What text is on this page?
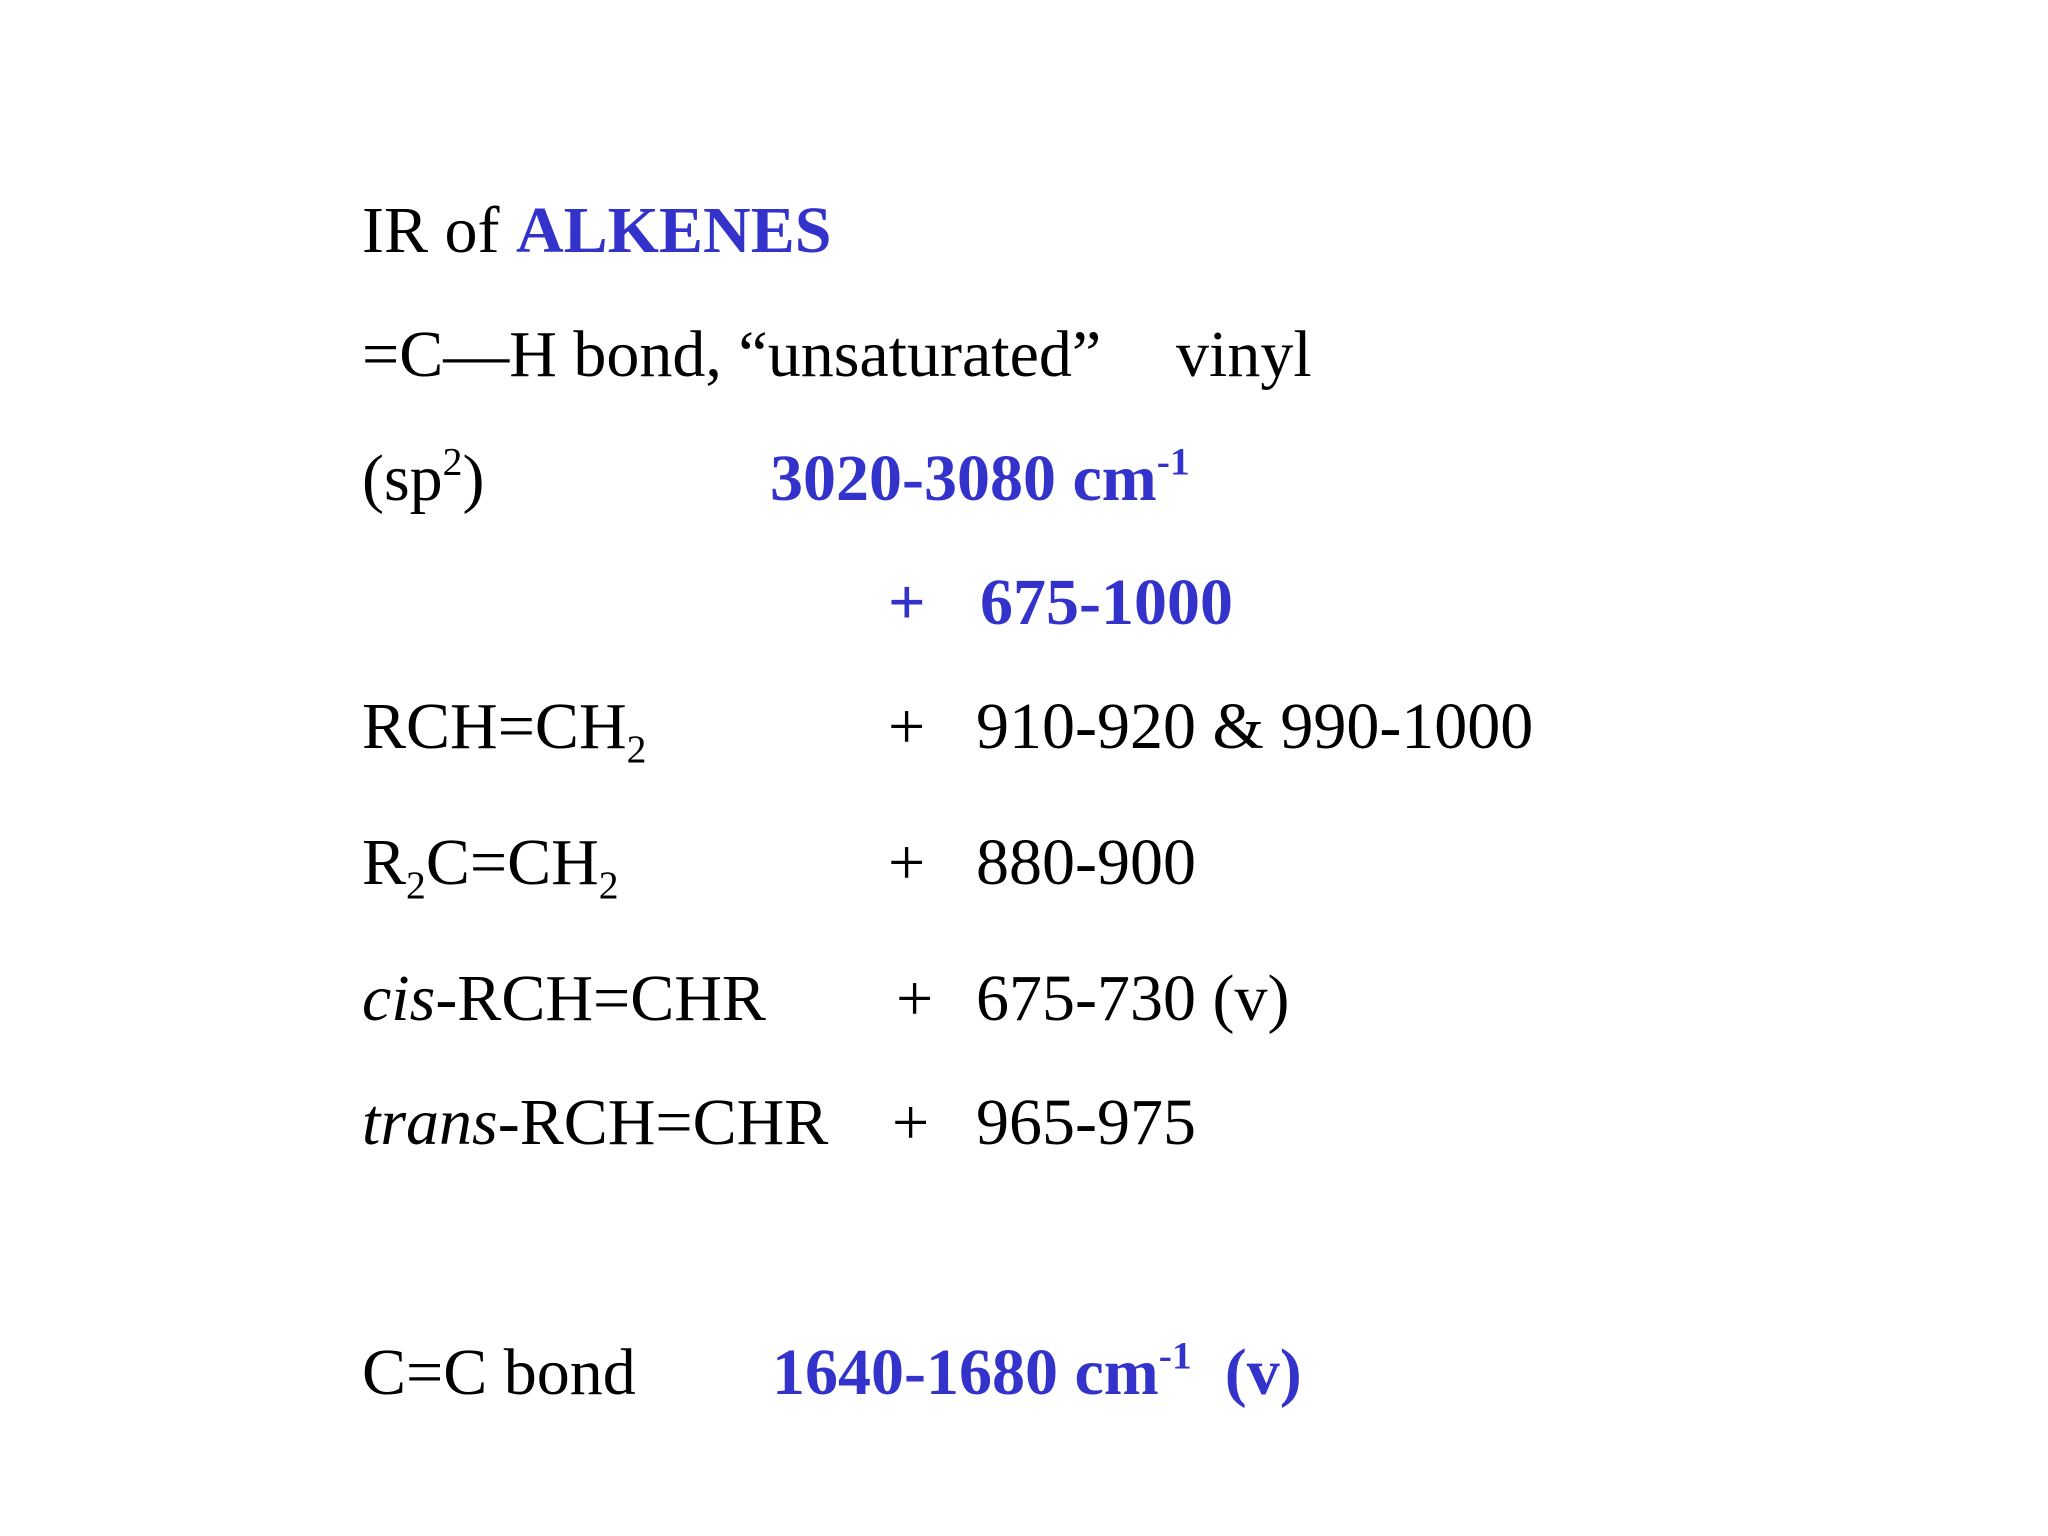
IR of ALKENES
=C—H bond, “unsaturated” vinyl
$(sp^2)$	3020-3080 $cm^{-1}$
+ 675-1000
$RCH=CH_2$	+ 910-920 & 990-1000
$R_2C=CH_2$	+ 880-900
cis-RCH=CHR + 675-730 (v)
trans-RCH=CHR + 965-975
C=C bond 1640-1680 $cm^{-1}$ (v)
